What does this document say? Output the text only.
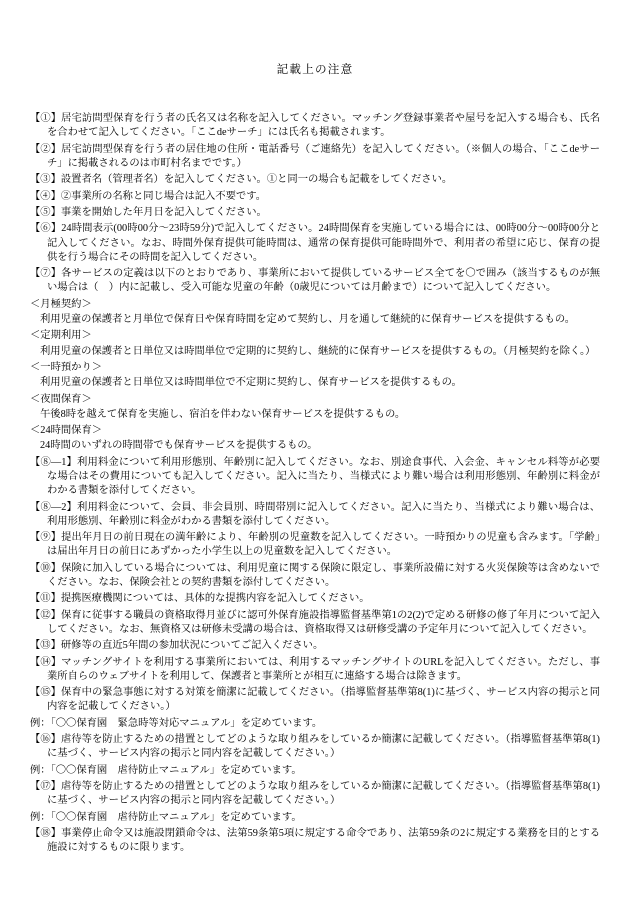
記載上の注意

【①】居宅訪問型保育を行う者の氏名又は名称を記入してください。マッチング登録事業者や屋号を記入する場合も、氏名を合わせて記入してください。「ここdeサーチ」には氏名も掲載されます。

【②】居宅訪問型保育を行う者の居住地の住所・電話番号（ご連絡先）を記入してください。（※個人の場合、「ここdeサーチ」に掲載されるのは市町村名までです。）

【③】設置者名（管理者名）を記入してください。①と同一の場合も記載をしてください。

【④】②事業所の名称と同じ場合は記入不要です。

【⑤】事業を開始した年月日を記入してください。

【⑥】24時間表示(00時00分～23時59分)で記入してください。24時間保育を実施している場合には、00時00分～00時00分と記入してください。なお、時間外保育提供可能時間は、通常の保育提供可能時間外で、利用者の希望に応じ、保育の提供を行う場合にその時間を記入してください。

【⑦】各サービスの定義は以下のとおりであり、事業所において提供しているサービス全てを〇で囲み（該当するものが無い場合は（　）内に記載し、受入可能な児童の年齢（0歳児については月齢まで）について記入してください。

＜月極契約＞

利用児童の保護者と月単位で保育日や保育時間を定めて契約し、月を通して継続的に保育サービスを提供するもの。

＜定期利用＞

利用児童の保護者と日単位又は時間単位で定期的に契約し、継続的に保育サービスを提供するもの。（月極契約を除く。）

＜一時預かり＞

利用児童の保護者と日単位又は時間単位で不定期に契約し、保育サービスを提供するもの。

＜夜間保育＞

午後8時を越えて保育を実施し、宿泊を伴わない保育サービスを提供するもの。

＜24時間保育＞

24時間のいずれの時間帯でも保育サービスを提供するもの。

【⑧―1】利用料金について利用形態別、年齢別に記入してください。なお、別途食事代、入会金、キャンセル料等が必要な場合はその費用についても記入してください。記入に当たり、当様式により難い場合は利用形態別、年齢別に料金がわかる書類を添付してください。

【⑧―2】利用料金について、会員、非会員別、時間帯別に記入してください。記入に当たり、当様式により難い場合は、利用形態別、年齢別に料金がわかる書類を添付してください。

【⑨】提出年月日の前日現在の満年齢により、年齢別の児童数を記入してください。一時預かりの児童も含みます。「学齢」は届出年月日の前日にあずかった小学生以上の児童数を記入してください。

【⑩】保険に加入している場合については、利用児童に関する保険に限定し、事業所設備に対する火災保険等は含めないでください。なお、保険会社との契約書類を添付してください。

【⑪】提携医療機関については、具体的な提携内容を記入してください。

【⑫】保育に従事する職員の資格取得月並びに認可外保育施設指導監督基準第1の2(2)で定める研修の修了年月について記入してください。なお、無資格又は研修未受講の場合は、資格取得又は研修受講の予定年月について記入してください。

【⑬】研修等の直近5年間の参加状況についてご記入ください。

【⑭】マッチングサイトを利用する事業所においては、利用するマッチングサイトのURLを記入してください。ただし、事業所自らのウェブサイトを利用して、保護者と事業所とが相互に連絡する場合は除きます。

【⑮】保育中の緊急事態に対する対策を簡潔に記載してください。（指導監督基準第8(1)に基づく、サービス内容の掲示と同内容を記載してください。）

例：「〇〇保育園　緊急時等対応マニュアル」を定めています。

【⑯】虐待等を防止するための措置としてどのような取り組みをしているか簡潔に記載してください。（指導監督基準第8(1)に基づく、サービス内容の掲示と同内容を記載してください。）

例：「〇〇保育園　虐待防止マニュアル」を定めています。

【⑰】虐待等を防止するための措置としてどのような取り組みをしているか簡潔に記載してください。（指導監督基準第8(1)に基づく、サービス内容の掲示と同内容を記載してください。）

例：「〇〇保育園　虐待防止マニュアル」を定めています。

【⑱】事業停止命令又は施設閉鎖命令は、法第59条第5項に規定する命令であり、法第59条の2に規定する業務を目的とする施設に対するものに限ります。
